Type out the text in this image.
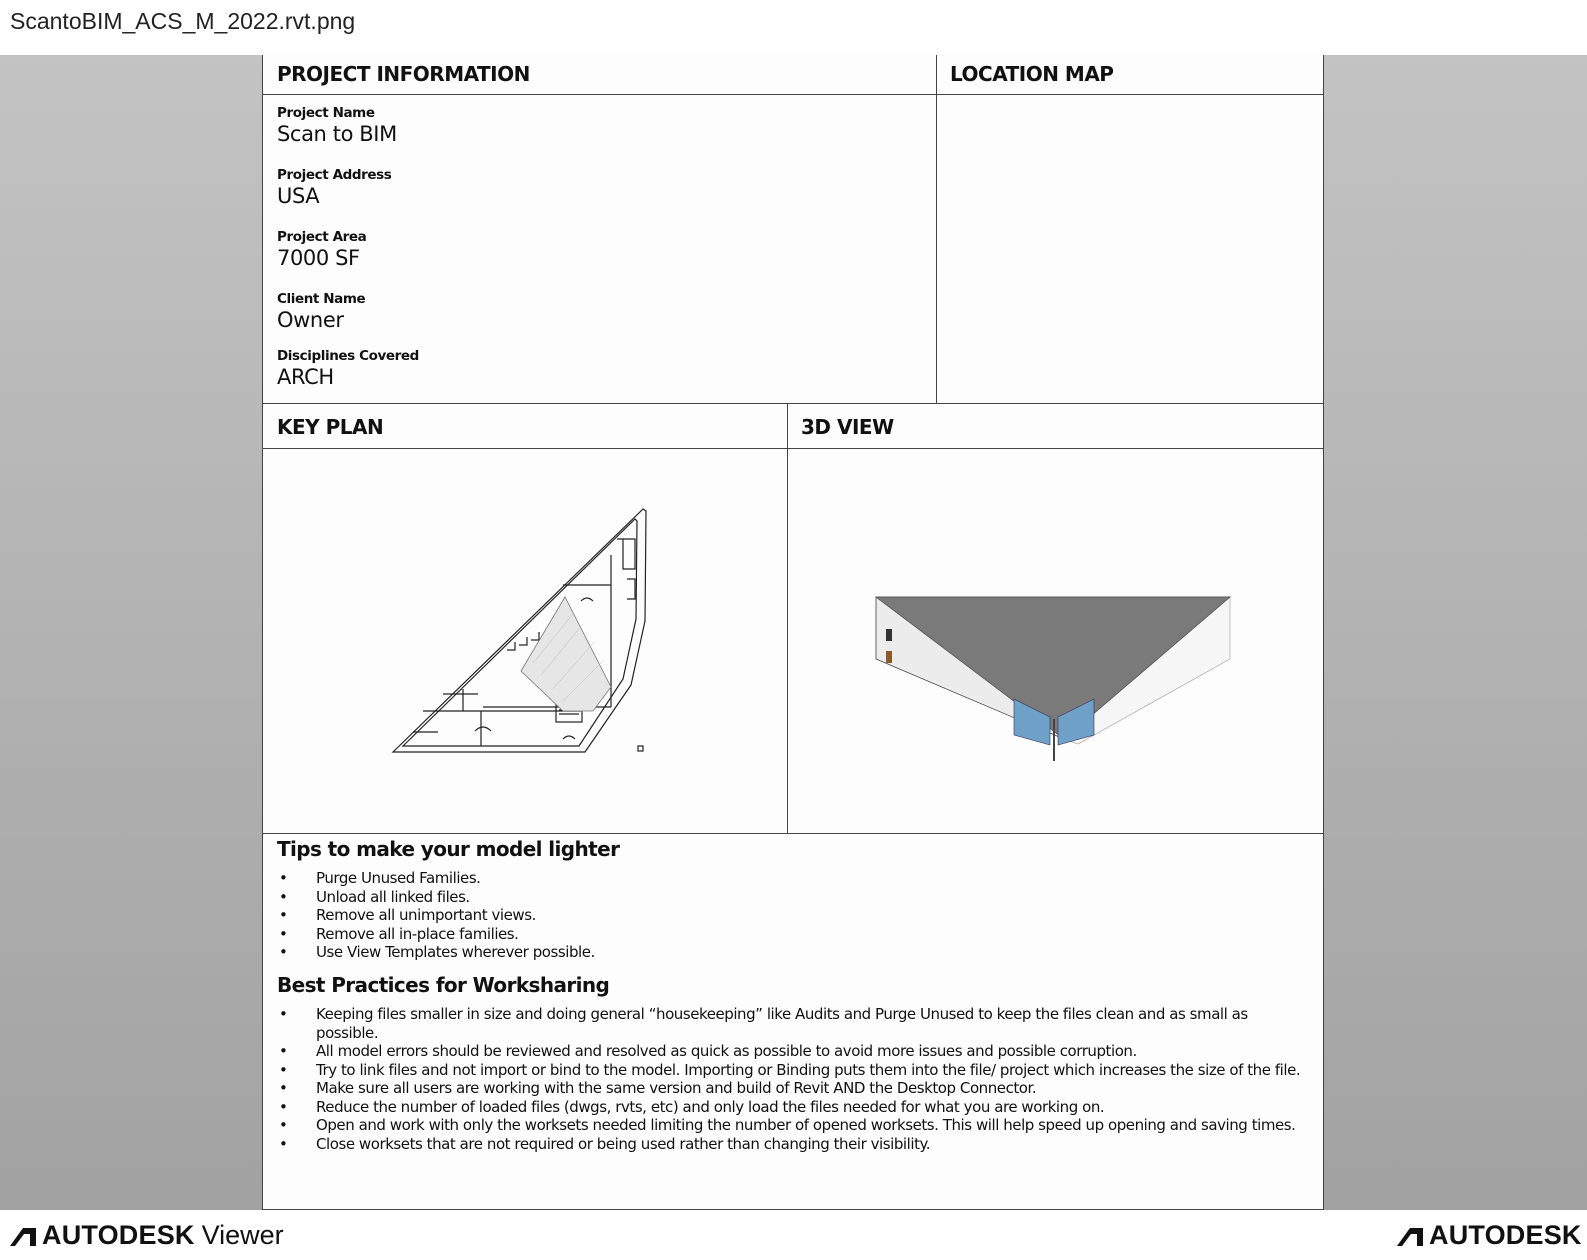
ScantoBIM_ACS_M_2022.rvt.png
PROJECT INFORMATION	LOCATION MAP
Project Name
Scan to BIM
Project Address
USA
Project Area
7000 SF
Client Name
Owner
Disciplines Covered
ARCH
KEY PLAN	3D VIEW
Tips to make your model lighter
• Purge Unused Families.
• Unload all linked files.
• Remove all unimportant views.
• Remove all in-place families.
• Use View Templates wherever possible.
Best Practices for Worksharing
• Keeping files smaller in size and doing general “housekeeping” like Audits and Purge Unused to keep the files clean and as small as possible.
• All model errors should be reviewed and resolved as quick as possible to avoid more issues and possible corruption.
• Try to link files and not import or bind to the model. Importing or Binding puts them into the file/ project which increases the size of the file.
• Make sure all users are working with the same version and build of Revit AND the Desktop Connector.
• Reduce the number of loaded files (dwgs, rvts, etc) and only load the files needed for what you are working on.
• Open and work with only the worksets needed limiting the number of opened worksets. This will help speed up opening and saving times.
• Close worksets that are not required or being used rather than changing their visibility.
AUTODESK Viewer	AUTODESK
